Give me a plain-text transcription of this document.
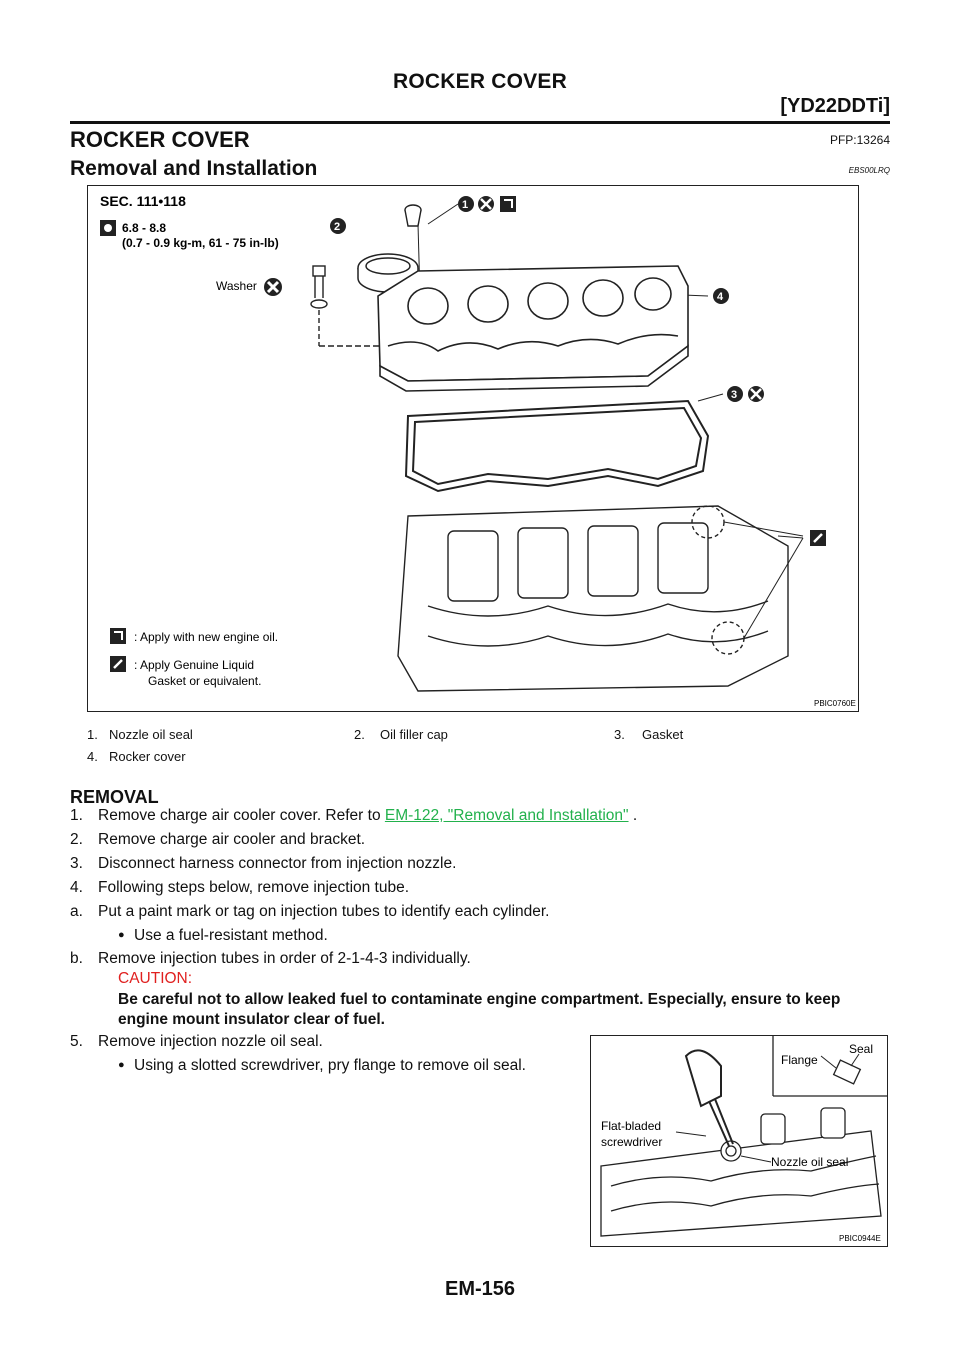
ROCKER COVER
[YD22DDTi]
ROCKER COVER	PFP:13264
Removal and Installation	EBS00LRQ
SEC. 111•118
6.8 - 8.8
(0.7 - 0.9 kg-m, 61 - 75 in-lb)
Washer
1
2
4
3
: Apply with new engine oil.
: Apply Genuine Liquid
Gasket or equivalent.
PBIC0760E
1. Nozzle oil seal	2. Oil filler cap	3. Gasket
4. Rocker cover
REMOVAL
1. Remove charge air cooler cover. Refer to EM-122, "Removal and Installation" .
2. Remove charge air cooler and bracket.
3. Disconnect harness connector from injection nozzle.
4. Following steps below, remove injection tube.
a. Put a paint mark or tag on injection tubes to identify each cylinder.
● Use a fuel-resistant method.
b. Remove injection tubes in order of 2-1-4-3 individually.
CAUTION:
Be careful not to allow leaked fuel to contaminate engine compartment. Especially, ensure to keep engine mount insulator clear of fuel.
5. Remove injection nozzle oil seal.
● Using a slotted screwdriver, pry flange to remove oil seal.	Flange
Seal
Flat-bladed
screwdriver
Nozzle oil seal
PBIC0944E
EM-156
